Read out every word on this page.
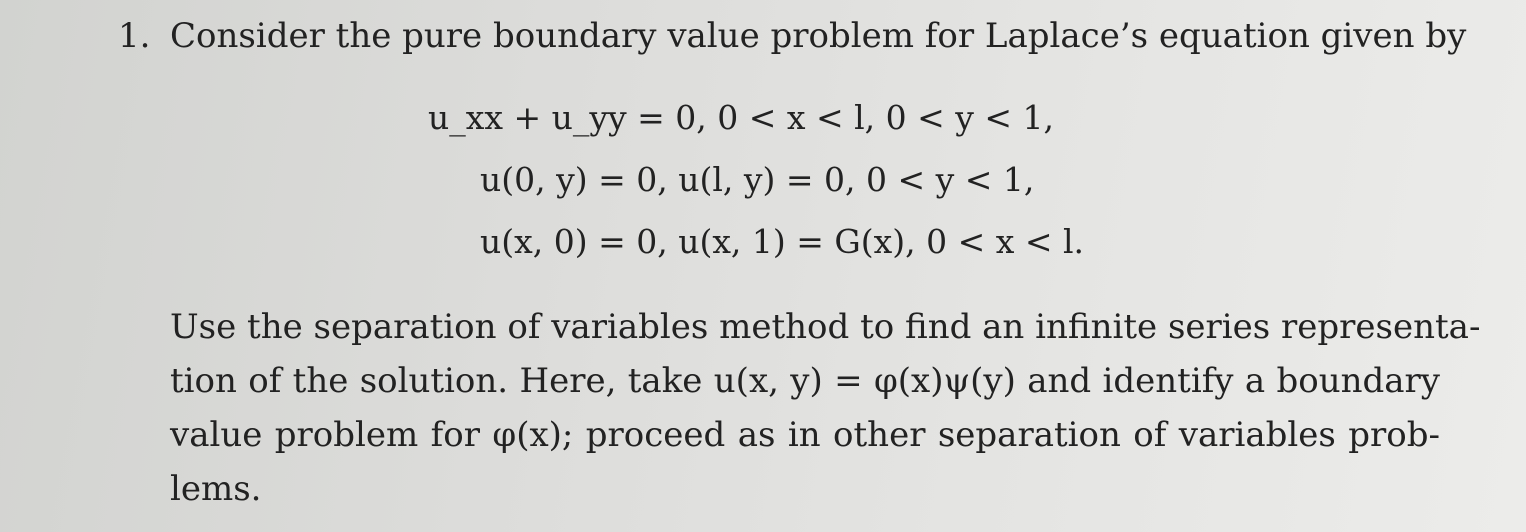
1. Consider the pure boundary value problem for Laplace’s equation given by
u_xx + u_yy = 0, 0 < x < l, 0 < y < 1,
u(0, y) = 0, u(l, y) = 0, 0 < y < 1,
u(x, 0) = 0, u(x, 1) = G(x), 0 < x < l.
Use the separation of variables method to find an infinite series representa-
tion of the solution. Here, take u(x, y) = φ(x)ψ(y) and identify a boundary
value problem for φ(x); proceed as in other separation of variables prob-
lems.
